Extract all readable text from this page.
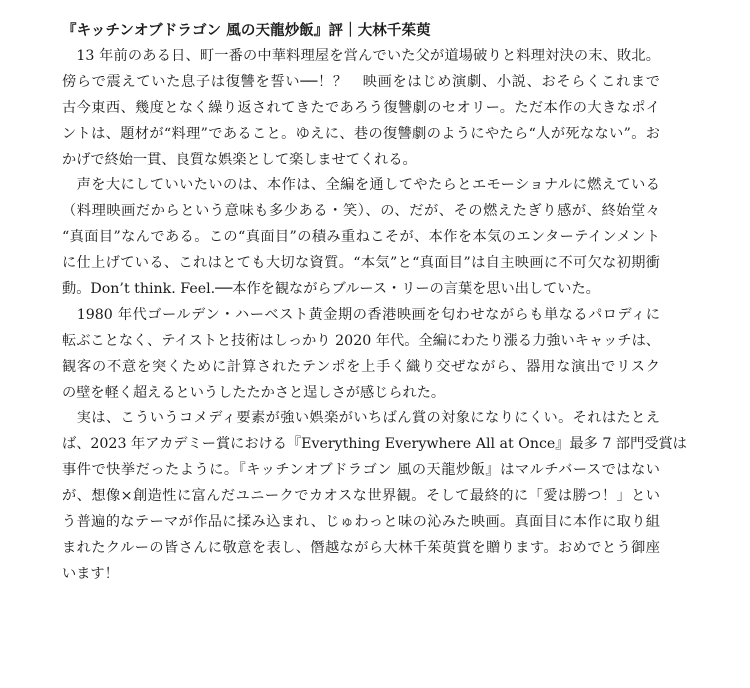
『キッチンオブドラゴン 風の天龍炒飯』評｜大林千茱萸
　13 年前のある日、町一番の中華料理屋を営んでいた父が道場破りと料理対決の末、敗北。
傍らで震えていた息子は復讐を誓い──！？　映画をはじめ演劇、小説、おそらくこれまで
古今東西、幾度となく繰り返されてきたであろう復讐劇のセオリー。ただ本作の大きなポイ
ントは、題材が“料理”であること。ゆえに、巷の復讐劇のようにやたら“人が死なない”。お
かげで終始一貫、良質な娯楽として楽しませてくれる。
　声を大にしていいたいのは、本作は、全編を通してやたらとエモーショナルに燃えている
（料理映画だからという意味も多少ある・笑）、の、だが、その燃えたぎり感が、終始堂々
“真面目”なんである。この“真面目”の積み重ねこそが、本作を本気のエンターテインメント
に仕上げている、これはとても大切な資質。“本気”と“真面目”は自主映画に不可欠な初期衝
動。Don’t think. Feel.──本作を観ながらブルース・リーの言葉を思い出していた。
　1980 年代ゴールデン・ハーベスト黄金期の香港映画を匂わせながらも単なるパロディに
転ぶことなく、テイストと技術はしっかり 2020 年代。全編にわたり漲る力強いキャッチは、
観客の不意を突くために計算されたテンポを上手く織り交ぜながら、器用な演出でリスク
の壁を軽く超えるというしたたかさと逞しさが感じられた。
　実は、こういうコメディ要素が強い娯楽がいちばん賞の対象になりにくい。それはたとえ
ば、2023 年アカデミー賞における『Everything Everywhere All at Once』最多 7 部門受賞は
事件で快挙だったように。『キッチンオブドラゴン 風の天龍炒飯』はマルチバースではない
が、想像×創造性に富んだユニークでカオスな世界観。そして最終的に「愛は勝つ！」とい
う普遍的なテーマが作品に揉み込まれ、じゅわっと味の沁みた映画。真面目に本作に取り組
まれたクルーの皆さんに敬意を表し、僭越ながら大林千茱萸賞を贈ります。おめでとう御座
います！
